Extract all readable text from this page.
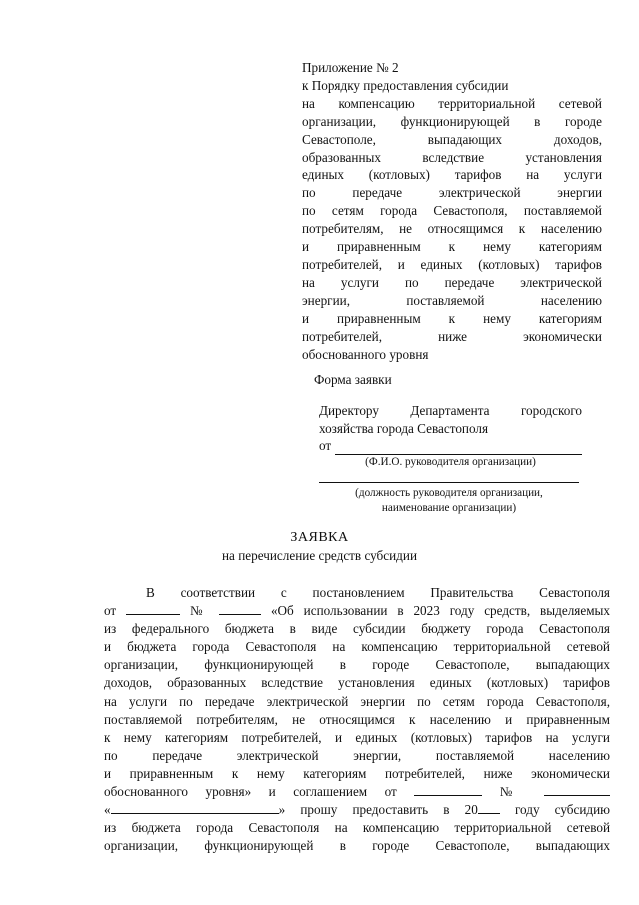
Приложение № 2
к Порядку предоставления субсидии
на компенсацию территориальной сетевой
организации, функционирующей в городе
Севастополе, выпадающих доходов,
образованных вследствие установления
единых (котловых) тарифов на услуги
по передаче электрической энергии
по сетям города Севастополя, поставляемой
потребителям, не относящимся к населению
и приравненным к нему категориям
потребителей, и единых (котловых) тарифов
на услуги по передаче электрической
энергии, поставляемой населению
и приравненным к нему категориям
потребителей, ниже экономически
обоснованного уровня
Форма заявки
Директору Департамента городского
хозяйства города Севастополя
от
(Ф.И.О. руководителя организации)
(должность руководителя организации,
наименование организации)
ЗАЯВКА
на перечисление средств субсидии
В соответствии с постановлением Правительства Севастополя
от	№	«Об использовании в 2023 году средств, выделяемых
из федерального бюджета в виде субсидии бюджету города Севастополя
и бюджета города Севастополя на компенсацию территориальной сетевой
организации, функционирующей в городе Севастополе, выпадающих
доходов, образованных вследствие установления единых (котловых) тарифов
на услуги по передаче электрической энергии по сетям города Севастополя,
поставляемой потребителям, не относящимся к населению и приравненным
к нему категориям потребителей, и единых (котловых) тарифов на услуги
по передаче электрической энергии, поставляемой населению
и приравненным к нему категориям потребителей, ниже экономически
обоснованного уровня» и соглашением от	№
«	» прошу предоставить в 20	году субсидию
из бюджета города Севастополя на компенсацию территориальной сетевой
организации, функционирующей в городе Севастополе, выпадающих
